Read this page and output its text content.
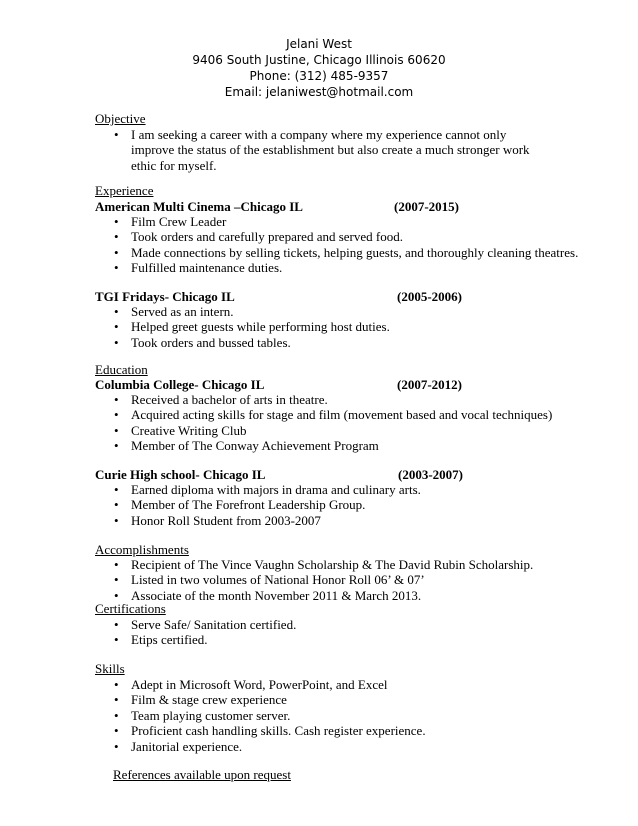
Jelani West
9406 South Justine, Chicago Illinois 60620
Phone: (312) 485-9357
Email: jelaniwest@hotmail.com
Objective
• I am seeking a career with a company where my experience cannot only improve the status of the establishment but also create a much stronger work ethic for myself.
Experience
American Multi Cinema –Chicago IL	(2007-2015)
• Film Crew Leader
• Took orders and carefully prepared and served food.
• Made connections by selling tickets, helping guests, and thoroughly cleaning theatres.
• Fulfilled maintenance duties.
TGI Fridays- Chicago IL	(2005-2006)
• Served as an intern.
• Helped greet guests while performing host duties.
• Took orders and bussed tables.
Education
Columbia College- Chicago IL	(2007-2012)
• Received a bachelor of arts in theatre.
• Acquired acting skills for stage and film (movement based and vocal techniques)
• Creative Writing Club
• Member of The Conway Achievement Program
Curie High school- Chicago IL	(2003-2007)
• Earned diploma with majors in drama and culinary arts.
• Member of The Forefront Leadership Group.
• Honor Roll Student from 2003-2007
Accomplishments
• Recipient of The Vince Vaughn Scholarship & The David Rubin Scholarship.
• Listed in two volumes of National Honor Roll 06’ & 07’
• Associate of the month November 2011 & March 2013.
Certifications
• Serve Safe/ Sanitation certified.
• Etips certified.
Skills
• Adept in Microsoft Word, PowerPoint, and Excel
• Film & stage crew experience
• Team playing customer server.
• Proficient cash handling skills. Cash register experience.
• Janitorial experience.
References available upon request
